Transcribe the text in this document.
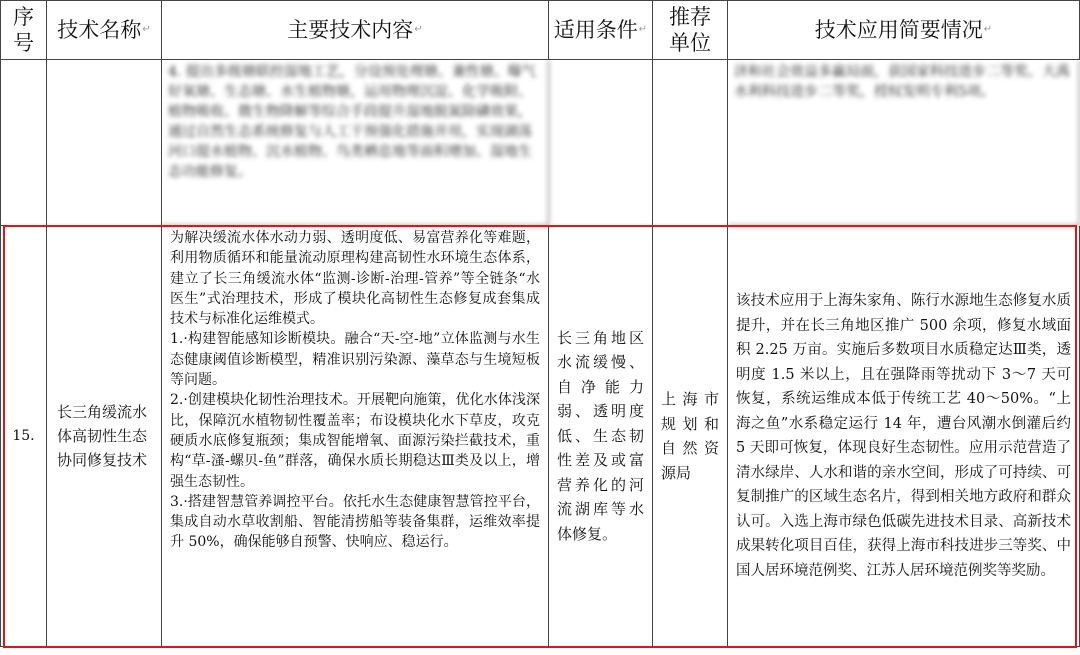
序
号
技术名称 ↵	主要技术内容 ↵	适用条件 ↵
推荐
单位
技术应用简要情况 ↵
4. 提出多级塘联控湿地工艺，分设预处理塘、兼性塘、曝气好氧塘、生态塘、水生植物塘，运用物理沉淀、化学吸附、植物吸收、微生物降解等综合手段提升湿地脱氮除磷效果，通过自然生态系统修复与人工干预强化措施并用，实现湖荡河口提水植物、沉水植物、鸟类栖息地等面积增加、湿地生态功能修复。
济和社会效益多赢局面，获国家科技进步二等奖、大禹水利科技进步二等奖，授权发明专利5项。
15.
长三角缓流水体高韧性生态协同修复技术

为解决缓流水体水动力弱、透明度低、易富营养化等难题，利用物质循环和能量流动原理构建高韧性水环境生态体系，建立了长三角缓流水体“监测-诊断-治理-管养”等全链条“水医生”式治理技术，形成了模块化高韧性生态修复成套集成技术与标准化运维模式。

1.·构建智能感知诊断模块。融合“天-空-地”立体监测与水生态健康阈值诊断模型，精准识别污染源、藻草态与生境短板等问题。

2.·创建模块化韧性治理技术。开展靶向施策，优化水体浅深比，保障沉水植物韧性覆盖率；布设模块化水下草皮，攻克硬质水底修复瓶颈；集成智能增氧、面源污染拦截技术，重构“草-溞-螺贝-鱼”群落，确保水质长期稳达Ⅲ类及以上，增强生态韧性。

3.·搭建智慧管养调控平台。依托水生态健康智慧管控平台，集成自动水草收割船、智能清捞船等装备集群，运维效率提升 50%，确保能够自预警、快响应、稳运行。

长三角地区水流缓慢、自净能力弱、透明度低、生态韧性差及或富营养化的河流湖库等水体修复。
上海市规划和自然资源局
该技术应用于上海朱家角、陈行水源地生态修复水质提升，并在长三角地区推广 500 余项，修复水域面积 2.25 万亩。实施后多数项目水质稳定达Ⅲ类，透明度 1.5 米以上，且在强降雨等扰动下 3～7 天可恢复，系统运维成本低于传统工艺 40～50%。“上海之鱼”水系稳定运行 14 年，遭台风潮水倒灌后约 5 天即可恢复，体现良好生态韧性。应用示范营造了清水绿岸、人水和谐的亲水空间，形成了可持续、可复制推广的区域生态名片，得到相关地方政府和群众认可。入选上海市绿色低碳先进技术目录、高新技术成果转化项目百佳，获得上海市科技进步三等奖、中国人居环境范例奖、江苏人居环境范例奖等奖励。
